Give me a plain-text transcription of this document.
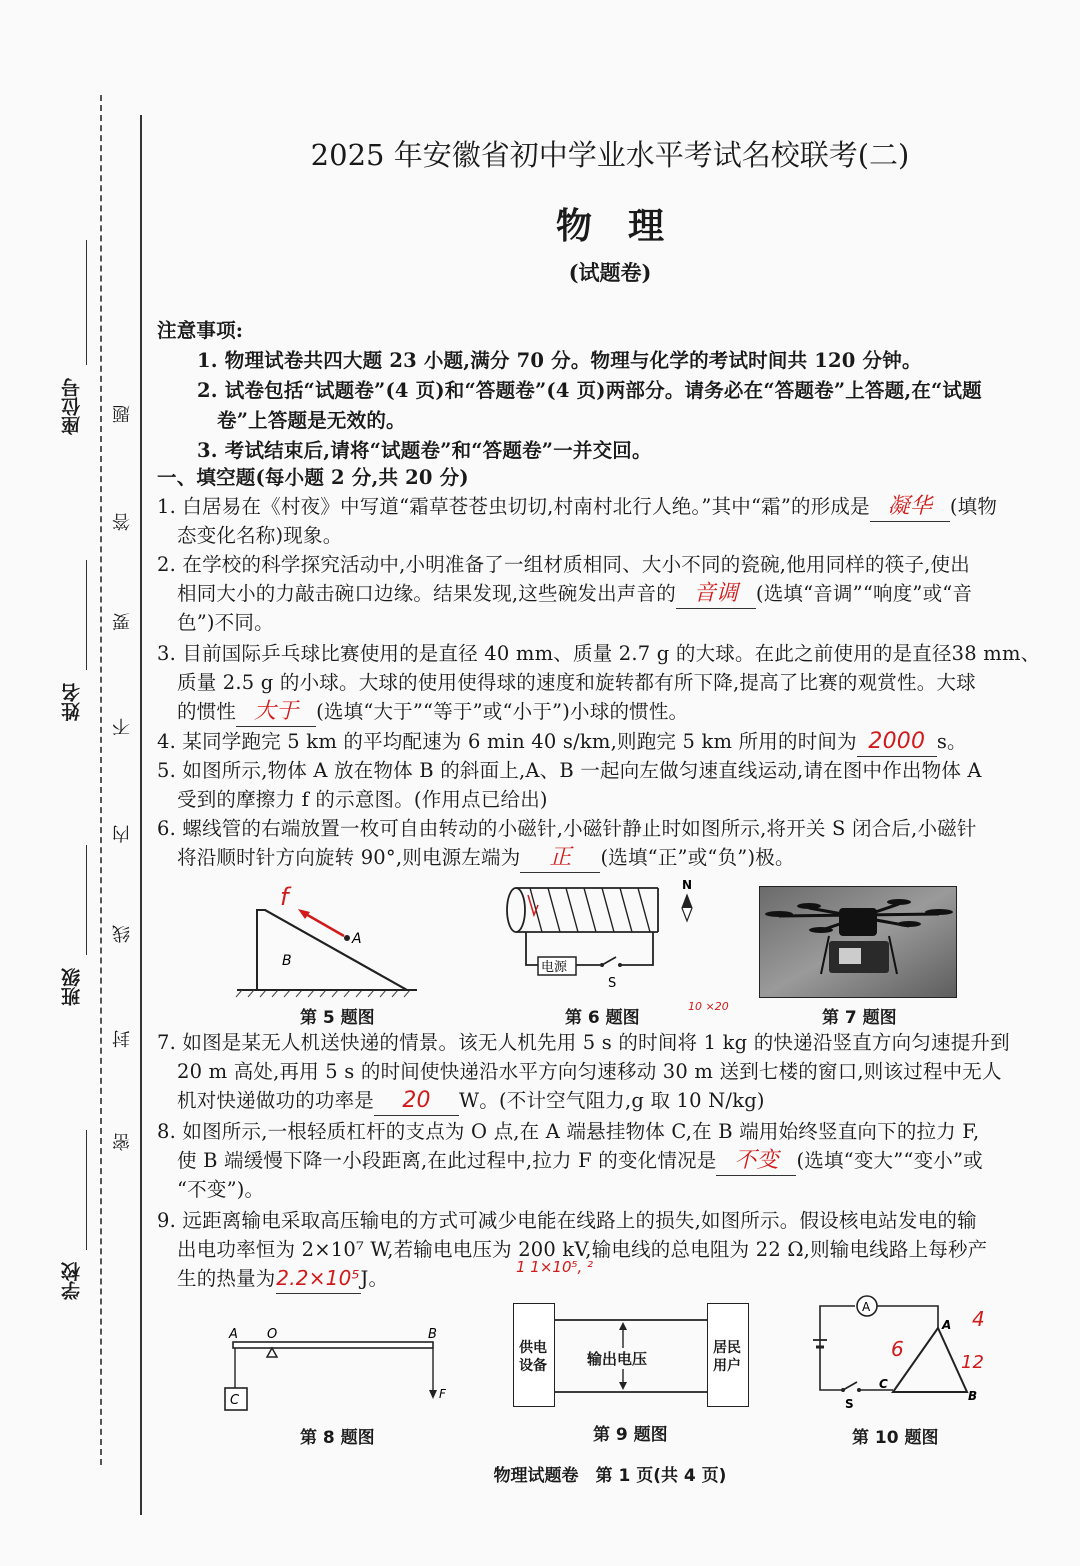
座位号
姓名
班级
学校
题
答
要
不
内
线
封
密
2025 年安徽省初中学业水平考试名校联考(二)
物　理
(试题卷)
注意事项:
1. 物理试卷共四大题 23 小题,满分 70 分。物理与化学的考试时间共 120 分钟。
2. 试卷包括“试题卷”(4 页)和“答题卷”(4 页)两部分。请务必在“答题卷”上答题,在“试题
卷”上答题是无效的。
3. 考试结束后,请将“试题卷”和“答题卷”一并交回。
一、填空题(每小题 2 分,共 20 分)
1. 白居易在《村夜》中写道“霜草苍苍虫切切,村南村北行人绝。”其中“霜”的形成是 凝华 (填物
态变化名称)现象。
2. 在学校的科学探究活动中,小明准备了一组材质相同、大小不同的瓷碗,他用同样的筷子,使出
相同大小的力敲击碗口边缘。结果发现,这些碗发出声音的 音调 (选填“音调”“响度”或“音
色”)不同。
3. 目前国际乒乓球比赛使用的是直径 40 mm、质量 2.7 g 的大球。在此之前使用的是直径38 mm、
质量 2.5 g 的小球。大球的使用使得球的速度和旋转都有所下降,提高了比赛的观赏性。大球
的惯性 大于 (选填“大于”“等于”或“小于”)小球的惯性。
4. 某同学跑完 5 km 的平均配速为 6 min 40 s/km,则跑完 5 km 所用的时间为 2000 s。
5. 如图所示,物体 A 放在物体 B 的斜面上,A、B 一起向左做匀速直线运动,请在图中作出物体 A
受到的摩擦力 f 的示意图。(作用点已给出)
6. 螺线管的右端放置一枚可自由转动的小磁针,小磁针静止时如图所示,将开关 S 闭合后,小磁针
将沿顺时针方向旋转 90°,则电源左端为 正 (选填“正”或“负”)极。
A
B
f
第 5 题图
电源
S
N
第 6 题图
10 ×20
第 7 题图
7. 如图是某无人机送快递的情景。该无人机先用 5 s 的时间将 1 kg 的快递沿竖直方向匀速提升到
20 m 高处,再用 5 s 的时间使快递沿水平方向匀速移动 30 m 送到七楼的窗口,则该过程中无人
机对快递做功的功率是 20 W。(不计空气阻力,g 取 10 N/kg)
8. 如图所示,一根轻质杠杆的支点为 O 点,在 A 端悬挂物体 C,在 B 端用始终竖直向下的拉力 F,
使 B 端缓慢下降一小段距离,在此过程中,拉力 F 的变化情况是 不变 (选填“变大”“变小”或
“不变”)。
9. 远距离输电采取高压输电的方式可减少电能在线路上的损失,如图所示。假设核电站发电的输
出电功率恒为 2×10⁷ W,若输电电压为 200 kV,输电线的总电阻为 22 Ω,则输电线路上每秒产
生的热量为2.2×10⁵J。	1 1×10⁵, ²
A O	B
C	F
第 8 题图
供电设备
居民用户
输出电压
第 9 题图
A
S
A
C
B
4
6
12
第 10 题图
物理试题卷　第 1 页(共 4 页)
